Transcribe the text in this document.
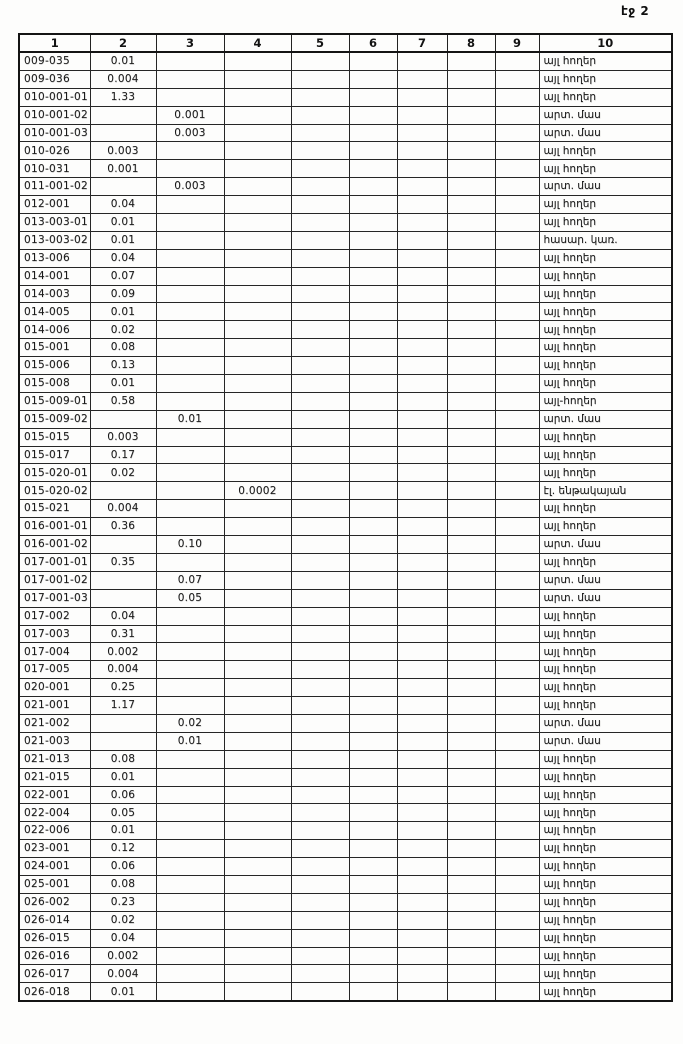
էջ 2
1	2	3	4	5	6	7	8	9	10
009-035	0.01								այլ հողեր
009-036	0.004								այլ հողեր
010-001-01	1.33								այլ հողեր
010-001-02		0.001							արտ. մաս
010-001-03		0.003							արտ. մաս
010-026	0.003								այլ հողեր
010-031	0.001								այլ հողեր
011-001-02		0.003							արտ. մաս
012-001	0.04								այլ հողեր
013-003-01	0.01								այլ հողեր
013-003-02	0.01								հասար. կառ.
013-006	0.04								այլ հողեր
014-001	0.07								այլ հողեր
014-003	0.09								այլ հողեր
014-005	0.01								այլ հողեր
014-006	0.02								այլ հողեր
015-001	0.08								այլ հողեր
015-006	0.13								այլ հողեր
015-008	0.01								այլ հողեր
015-009-01	0.58								այլ-հողեր
015-009-02		0.01							արտ. մաս
015-015	0.003								այլ հողեր
015-017	0.17								այլ հողեր
015-020-01	0.02								այլ հողեր
015-020-02			0.0002						էլ. ենթակայան
015-021	0.004								այլ հողեր
016-001-01	0.36								այլ հողեր
016-001-02		0.10							արտ. մաս
017-001-01	0.35								այլ հողեր
017-001-02		0.07							արտ. մաս
017-001-03		0.05							արտ. մաս
017-002	0.04								այլ հողեր
017-003	0.31								այլ հողեր
017-004	0.002								այլ հողեր
017-005	0.004								այլ հողեր
020-001	0.25								այլ հողեր
021-001	1.17								այլ հողեր
021-002		0.02							արտ. մաս
021-003		0.01							արտ. մաս
021-013	0.08								այլ հողեր
021-015	0.01								այլ հողեր
022-001	0.06								այլ հողեր
022-004	0.05								այլ հողեր
022-006	0.01								այլ հողեր
023-001	0.12								այլ հողեր
024-001	0.06								այլ հողեր
025-001	0.08								այլ հողեր
026-002	0.23								այլ հողեր
026-014	0.02								այլ հողեր
026-015	0.04								այլ հողեր
026-016	0.002								այլ հողեր
026-017	0.004								այլ հողեր
026-018	0.01								այլ հողեր
